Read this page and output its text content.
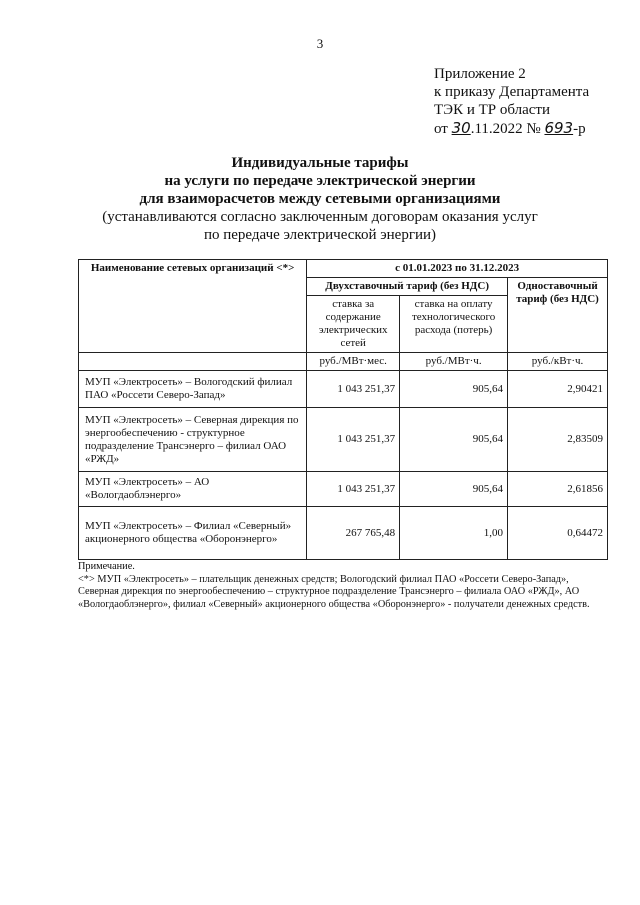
3
Приложение 2
к приказу Департамента
ТЭК и ТР области
от 30.11.2022 № 693-р
Индивидуальные тарифы
на услуги по передаче электрической энергии
для взаиморасчетов между сетевыми организациями
(устанавливаются согласно заключенным договорам оказания услуг
по передаче электрической энергии)
Наименование сетевых организаций <*>	с 01.01.2023 по 31.12.2023		
	Двухставочный тариф (без НДС)		Одноставочный тариф (без НДС)
	ставка за содержание электрических сетей	ставка на оплату технологического расхода (потерь)	
	руб./МВт·мес.	руб./МВт·ч.	руб./кВт·ч.
МУП «Электросеть» – Вологодский филиал ПАО «Россети Северо-Запад»	1 043 251,37	905,64	2,90421
МУП «Электросеть» – Северная дирекция по энергообеспечению - структурное подразделение Трансэнерго – филиал ОАО «РЖД»	1 043 251,37	905,64	2,83509
МУП «Электросеть» – АО «Вологдаоблэнерго»	1 043 251,37	905,64	2,61856
МУП «Электросеть» – Филиал «Северный» акционерного общества «Оборонэнерго»	267 765,48	1,00	0,64472
Примечание.
<*> МУП «Электросеть» – плательщик денежных средств; Вологодский филиал ПАО «Россети Северо-Запад», Северная дирекция по энергообеспечению – структурное подразделение Трансэнерго – филиала ОАО «РЖД», АО «Вологдаоблэнерго», филиал «Северный» акционерного общества «Оборонэнерго» - получатели денежных средств.
